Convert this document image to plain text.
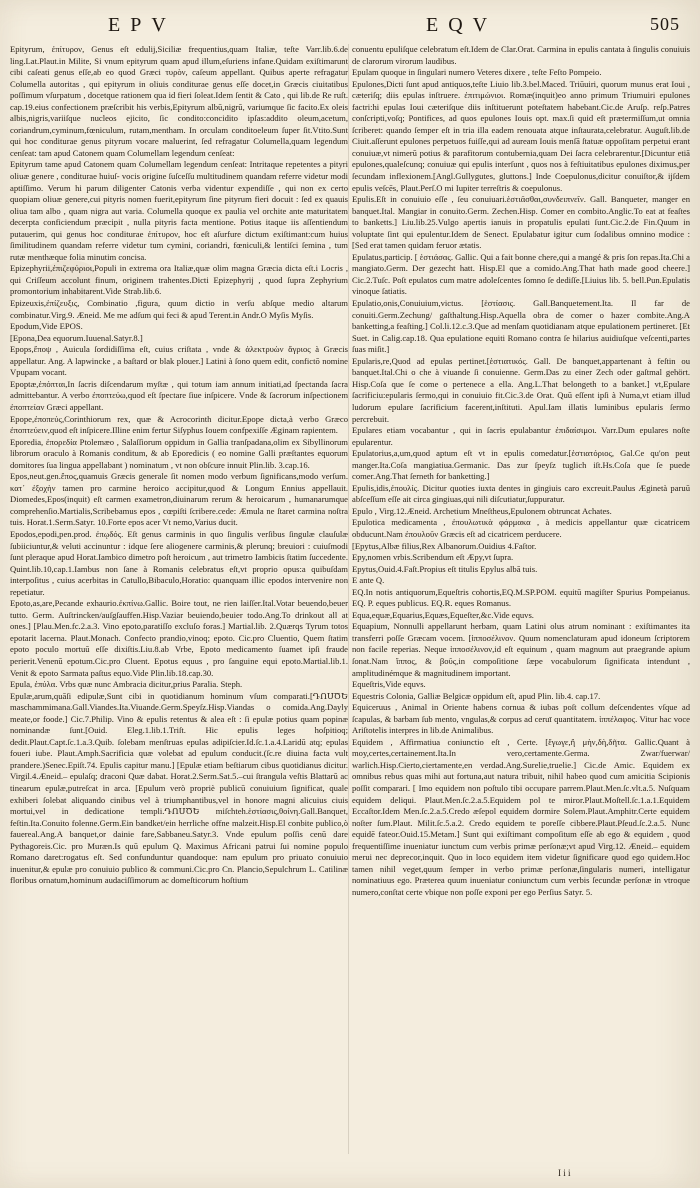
EPV	EQV	505

Epityrum, ἐπίτυρον, Genus eſt edulij,Siciliæ frequentius,quam Italiæ, teſte Varr.lib.6.de ling.Lat.Plaut.in Milite, Si vnum epityrum quam apud illum,eſuriens infane.Quidam exiſtimarunt cibi caſeati genus eſſe,ab eo quod Græci τυρὸν, caſeum appellant. Quibus aperte refragatur Columella autoritas , qui epityrum in oliuis conditurae genus eſſe docet,in Græcis ciuitatibus poſſimum vſurpatum , docetque rationem qua id fieri ſoleat.Idem ſentit & Cato , qui lib.de Re ruſt. cap.19.eius confectionem præſcribit his verbis,Epityrum albū,nigrū, variumque ſic facito.Ex oleis albis,nigris,variiſque nucleos ejicito, ſic condito:concidito ipſas:addito oleum,acetum, coriandrum,cyminum,fœniculum, rutam,mentham. In orculam conditoeleum ſuper ſit.Vtito.Sunt qui hoc conditurae genus pityrum vocare maluerint, ſed refragatur Columella,quam legendum cenſeat: tam apud Catonem quam Columellam legendum cenſeat:

Epityrum tame apud Catonem quam Columellam legendum cenſeat: Intritaque repetentes a pityri oliuæ genere , conditurae huiuſ- vocis origine ſuſceſſu multitudinem quandam referre videtur modi aptiſſimo. Verum hi parum diligenter Catonis verba videntur expendiſſe , qui non ex certo quopiam oliuæ genere,cui pityris nomen fuerit,epityrum ſine pityrum fieri docuit : ſed ex quauis oliua tam albo , quam nigra aut varia. Columella quoque ex paulia vel orchite ante maturitatem decerpta conficiendum præcipit , nulla pityris facta mentione. Potius itaque iis aſſentiendum putauerim, qui genus hoc conditurae ἐπίτυρον, hoc eſt aſurfure dictum exiſtimant:cum huius ſimilitudinem quandam referre videtur tum cymini, coriandri, fœniculi,& lentiſci ſemina , tum rutæ menthæque folia minutim concisa.

Epizephyrii,ἐπιζεφύριοι,Populi in extrema ora Italiæ,quæ olim magna Græcia dicta eſt.i Locris , qui Criſſeum accolunt finum, originem trahentes.Dicti Epizephyrij , quod ſupra Zephyrium promontorium inhabitarent.Vide Strab.lib.6.

Epizeuxis,ἐπίζευξις, Combinatio ,figura, quum dictio in verſu abſque medio altarum combinatur.Virg.9. Æneid. Me me adſum qui feci & apud Terent.in Andr.O Myſis Myſis.

Epodum,Vide EPOS.

[Epona,Dea equorum.Iuuenal.Satyr.8.]

Epops,ἔποψ , Auicula ſordidiſſima eſt, cuius criſtata , vnde & ἀλεκτρυὼν ἄγριος à Græcis appellatur. Ang. A lapwincke , a baſtard or blak plouer.] Latini à ſono quem edit, confictō nomine Vpupam vocant.

Epoptæ,ἐπόπται,In ſacris diſcendarum myſtæ , qui totum iam annum initiati,ad ſpectanda ſacra admittebantur. A verbo ἐποπτεύω,quod eſt ſpectare ſiue inſpicere. Vnde & ſacrorum inſpectionem ἐποπτείαν Græci appellant.

Epope,ἐποπεύς,Corinthiorum rex, quæ & Acrocorinth dicitur.Epope dicta,à verbo Græco ἐποπτεύειν,quod eſt inſpicere.Illine enim fertur Siſyphus Iouem confpexiſſe Æginam rapientem.

Eporedia, ἐπορεδία Ptolemæo , Salaſſiorum oppidum in Gallia tranſpadana,olim ex Sibyllinorum librorum oraculo à Romanis conditum, & ab Eporedicis ( eo nomine Galli præſtantes equorum domitores ſua lingua appellabant ) nominatum , vt non obſcure innuit Plin.lib. 3.cap.16.

Epos,neut.gen.ἔπος,quamuis Græcis generale ſit nomen modo verbum ſignificans,modo verſum. κατ᾽ ἐξοχὴν tamen pro carmine heroico accipitur,quod & Longum Ennius appellauit. Diomedes,Epos(inquit) eſt carmen exametron,diuinarum rerum & heroicarum , humanarumque comprehenſio.Martialis,Scribebamus epos , cœpiſti ſcribere.cede: Æmula ne ſtaret carmina noſtra tuis. Horat.1.Serm.Satyr. 10.Forte epos acer Vt nemo,Varius ducit.

Epodos,epodi,pen.prod. ἐπῳδός. Eſt genus carminis in quo ſingulis verſibus ſingulæ clauſulæ ſubiiciuntur,& veluti accinuntur : idque ſere aliogenere carminis,& plerunq; breuiori : cuiuſmodi ſunt pleraque apud Horat.Iambico dimetro poſt heroicum , aut trimetro Iambicis ſtatim ſuccedente. Quint.lib.10,cap.1.Iambus non ſane à Romanis celebratus eſt,vt proprio opus:a quibuſdam interpoſitus , cuius acerbitas in Catullo,Bibaculo,Horatio: quanquam illic epodos intervenire non repetiatur.

Epoto,as,are,Pecande exhaurio.ἐκπίνω.Gallic. Boire tout, ne rien laiſſer.Ital.Votar beuendo,beuer tutto. Germ. Auſtrincken/auſgſauffen.Hisp.Vaziar beuiendo,beuier todo.Ang.To drinkout all at ones.] [Plau.Men.fc.2.a.3. Vino epoto,paratiſſo excluſo foras.] Martial.lib. 2.Quærqs Tyrum totos epotarit lacerna. Plaut.Monach. Confecto prandio,vinoq; epoto. Cic.pro Cluentio, Quem ſtatim epoto poculo mortuū eſſe dixiſtis.Liu.8.ab Vrbe, Epoto medicamento ſuamet ipſi fraude perierit.Venenū epotum.Cic.pro Cluent. Epotus equus , pro ſanguine equi epoto.Martial.lib.1. Venit & epoto Sarmata paſtus equo.Vide Plin.lib.18.cap.30.

Epula, ἐπύλα. Vrbs quæ nunc Ambracia dicitur,prius Paralia. Steph.

Epulæ,arum,quāſi edipulæ,Sunt cibi in quotidianum hominum vſum comparati.[ԴՈՍԾԵ maschammimana.Gall.Viandes.Ita.Viuande.Germ.Speyſz.Hisp.Viandas o comida.Ang.Dayly meate,or foode.] Cic.7.Philip. Vino & epulis retentus & alea eſt : ſi epulæ potius quam popinæ nominandæ ſunt.[Ouid. Eleg.1.lib.1.Triſt. Hic epulis leges hoſpitioq; dedit.Plaut.Capt.ſc.1.a.3.Quib. ſolebam menſtruas epulas adipiſcier.Id.ſc.1.a.4.Laridū atq; epulas foueri iube. Plaut.Amph.Sacrificia quæ volebat ad epulum conducit.(ſc.re diuina facta vult prandere.)Senec.Epiſt.74. Epulis capitur manu.] [Epulæ etiam beſtiarum cibus quotidianus dicitur. Virgil.4.Æneid.– epulaſq; draconi Quæ dabat. Horat.2.Serm.Sat.5.–cui ſtrangula veſtis Blattarū ac tinearum epulæ,putreſcat in arca. [Epulum verò propriè publicū conuiuium ſignificat, quale exhiberi ſolebat aliquando cinibus vel à triumphantibus,vel in honore magni alicuius ciuis mortui,vel in dedicatione templi.ԴՈՍԾԵ miſchteh.ἑστίασις,θοίνη.Gall.Banquet, feſtin.Ita.Conuito folenne.Germ.Ein bandket/ein herrliche offne malzeit.Hisp.El conbite publico,ò fauereal.Ang.A banquet,or dainie fare,Sabbaneu.Satyr.3. Vnde epulum poſſis cenū dare Pythagoreis.Cic. pro Muræn.Is quū epulum Q. Maximus Africani patrui ſui nomine populo Romano daret:rogatus eſt. Sed confunduntur quandoque: nam epulum pro priuato conuiuio inuenitur,& epulæ pro conuiuio publico & communi.Cic.pro Cn. Plancio,Sepulchrum L. Catilinæ floribus ornatum,hominum audaciſſimorum ac domeſticorum hoſtium

conuentu epuliſque celebratum eſt.Idem de Clar.Orat. Carmina in epulis cantata à ſingulis conuiuis de clarorum virorum laudibus.

Epulam quoque in ſingulari numero Veteres dixere , teſte Feſto Pompeio.

Epulones,Dicti ſunt apud antiquos,teſte Liuio lib.3.bel.Maced. Triūuiri, quorum munus erat Ioui , cæteriſq; diis epulas inſtruere. ἐπιτιμώνιοι. Romæ(inquit)eo anno primum Triumuiri epulones factri:hi epulas Ioui cæteriſque diis inſtituerunt poteſtatem habebant.Cic.de Aruſp. reſp.Patres conſcripti,voſq; Pontifices, ad quos epulones Iouis opt. max.ſi quid eſt prætermiſſum,ut omnia ſcriberet: quando ſemper eſt in tria illa eadem renouata atque inſtaurata,celebratur. Auguſt.lib.de Ciuit.aſſerunt epulones perpetuos fuiſſe,qui ad auream Iouis menſā ſtatuæ oppoſitam perpetui erant conuiuæ,vt nimerū potius & parafitorum contubernia,quam Dei ſacra celebrarentur.[Dicuntur etiā epulones,qualeſcunq; conuiuæ qui epulis interſunt , quos nos à feſtiuitatibus epulones diximus,per ſecundam inflexionem.[Angl.Gullygutes, gluttons.] Inde Coepulonus,dicitur conuiſtor,& ijſdem epulis veſcēs, Plaut.Perſ.O mi Iupiter terreſtris & coepulonus.

Epulis.Eſt in conuiuio eſſe , ſeu conuiuari.ἑστιᾶσθαι,συνδειπνεῖν. Gall. Banqueter, manger en banquet.Ital. Mangiar in conuito.Germ. Zechen.Hisp. Comer en combito.Anglic.To eat at feaſtes to banketts.] Liu.lib.25.Vulgo apertis ianuis in propatulis epulati ſunt.Cic.2.de Fin.Quum in voluptate ſint qui epulentur.Idem de Senect. Epulabatur igitur cum ſodalibus omnino modice : [Sed erat tamen quidam feruor ætatis.

Epulatus,particip. [ ἑστιάσας. Gallic. Qui a fait bonne chere,qui a mangé & pris ſon repas.Ita.Chi a mangiato.Germ. Der gezecht hatt. Hisp.El que a comido.Ang.That hath made good cheere.] Cic.2.Tuſc. Poſt epulatos cum matre adoleſcentes ſomno ſe dediſſe.[Liuius lib. 5. bell.Pun.Epulatis vinoque ſatiatis.

Epulatio,onis,Conuiuium,victus. [ἑστίασις. Gall.Banquetement.Ita. Il far de conuiti.Germ.Zechung/ gaſthaltung.Hisp.Aquella obra de comer o hazer combite.Ang.A banketting,a feaſting.] Col.li.12.c.3.Que ad menſam quotidianam atque epulationem pertineret. [Et Suet. in Calig.cap.18. Qua epulatione equiti Romano contra ſe hilarius auidiuſque veſcenti,partes ſuas miſit.]

Epularis,re,Quod ad epulas pertinet.[ἑστιατικός. Gall. De banquet,appartenant à feſtin ou banquet.Ital.Chi o che à viuande ſi conuienne. Germ.Das zu einer Zech oder gaſtmal gehört. Hisp.Coſa que ſe come o pertenece a ella. Ang.L.That belongeth to a banket.] vt,Epulare ſacrificiu:epularis ſermo,qui in conuiuio fit.Cic.3.de Orat. Quū eſſent ipſi à Numa,vt etiam illud ludorum epulare ſacrificium facerent,inſtituti. Apul.Iam illatis luminibus epularis ſermo percrebuit.

Epulares etiam vocabantur , qui in ſacris epulabantur ἐπιδαίσιμοι. Varr.Dum epulares noſte epularentur.

Epulatorius,a,um,quod aptum eſt vt in epulis comedatur.[ἑστιατόριος, Gal.Ce qu'on peut manger.Ita.Coſa mangiatiua.Germanic. Das zur ſpeyſz tuglich iſt.Hs.Coſa que ſe puede comer.Ang.That ſerneth for banketting.]

Epulis,idis,ἐπουλίς. Dicitur quoties iuxta dentes in gingiuis caro excreuit.Paulus Æginetà paruū abſceſſum eſſe ait circa gingiuas,qui nili diſcutiatur,ſuppuratur.

Epulo , Virg.12.Æneid. Archetium Mneſtheus,Epulonem obtruncat Achates.

Epulotica medicamenta , ἐπουλωτικὰ φάρμακα , à medicis appellantur quæ cicatricem obducunt.Nam ἐπουλοῦν Græcis eſt ad cicatricem perducere.

[Epytus,Albæ filius,Rex Albanorum.Ouidius 4.Faſtor.

Epy,nomen vrbis.Scribendum eſt Æpy,vt ſupra.

Epytus,Ouid.4.Faſt.Propius eſt titulis Epylus albā tuis.

E ante Q.

EQ.In notis antiquorum,Equeſtris cohortis,EQ.M.SP.POM. equitū magiſter Spurius Pompeianus. EQ. P. eques publicus. EQ.R. eques Romanus.

Equa,equæ,Equarius,Equæs,Equeſter,&c.Vide equvs.

Equapium, Nonnulli appellarunt herbam, quam Latini olus atrum nominant : exiſtimantes ita transferri poſſe Græcam vocem. [ἱπποσέλινον. Quum nomenclaturam apud idoneum ſcriptorem non facile reperias. Neque ἱπποσέλινον,id eſt equinum , quam magnum aut praegrande apium ſonat.Nam ἵππος, & βοῦς,in compoſitione ſæpe vocabulorum ſignificata intendunt , amplitudinémque & magnitudinem important.

Equeſtris,Vide equvs.

Equestris Colonia, Galliæ Belgicæ oppidum eſt, apud Plin. lib.4. cap.17.

Equiceruus , Animal in Oriente habens cornua & iubas poſt collum deſcendentes vſque ad ſcapulas, & barbam ſub mento, vngulas,& corpus ad ceruī quantitatem. ἱππέλαφος. Vitur hac voce Ariſtotelis interpres in lib.de Animalibus.

Equidem , Affirmatiua coniunctio eſt , Certe. [ἔγωγε,ἢ μὴν,δὴ,δῆτα. Gallic.Quant à moy,certes,certainement.Ita.In vero,certamente.Germa. Zwar/fuerwar/ warlich.Hisp.Cierto,ciertamente,en verdad.Ang.Surelie,truelie.] Cic.de Amic. Equidem ex omnibus rebus quas mihi aut fortuna,aut natura tribuit, nihil habeo quod cum amicitia Scipionis poſſit comparari. [ Imo equidem non poſtulo tibi occupare parrem.Plaut.Men.ſc.vlt.a.5. Nuſquam equidem deliqui. Plaut.Men.ſc.2.a.5.Equidem pol te miror.Plaut.Moſtell.ſc.1.a.1.Equidem Eccaſtor.Idem Men.ſc.2.a.5.Credo æſepol equidem dormire Solem.Plaut.Amphitr.Certe equidem noſter ſum.Plaut. Milit.ſc.5.a.2. Credo equidem te poreſſe cibbere.Plaut.Pſeud.ſc.2.a.5. Nunc equidē fateor.Ouid.15.Metam.] Sunt qui exiſtimant compoſitum eſſe ab ego & equidem , quod frequentiſſime inueniatur iunctum cum verbis primæ perſonæ;vt apud Virg.12. Æneid.– equidem merui nec deprecor,inquit. Quo in loco equidem item videtur ſignificare quod ego quidem.Hoc tamen nihil veget,quum ſemper in verbo primæ perſonæ,ſingularis numeri, intelligatur nominatiuus ego. Præterea quum inueniatur coniunctum cum verbis ſecundæ perſonæ in vtroque numero,conſtat certe vbique non poſſe exponi per ego Perſius Satyr. 5.

I i i
